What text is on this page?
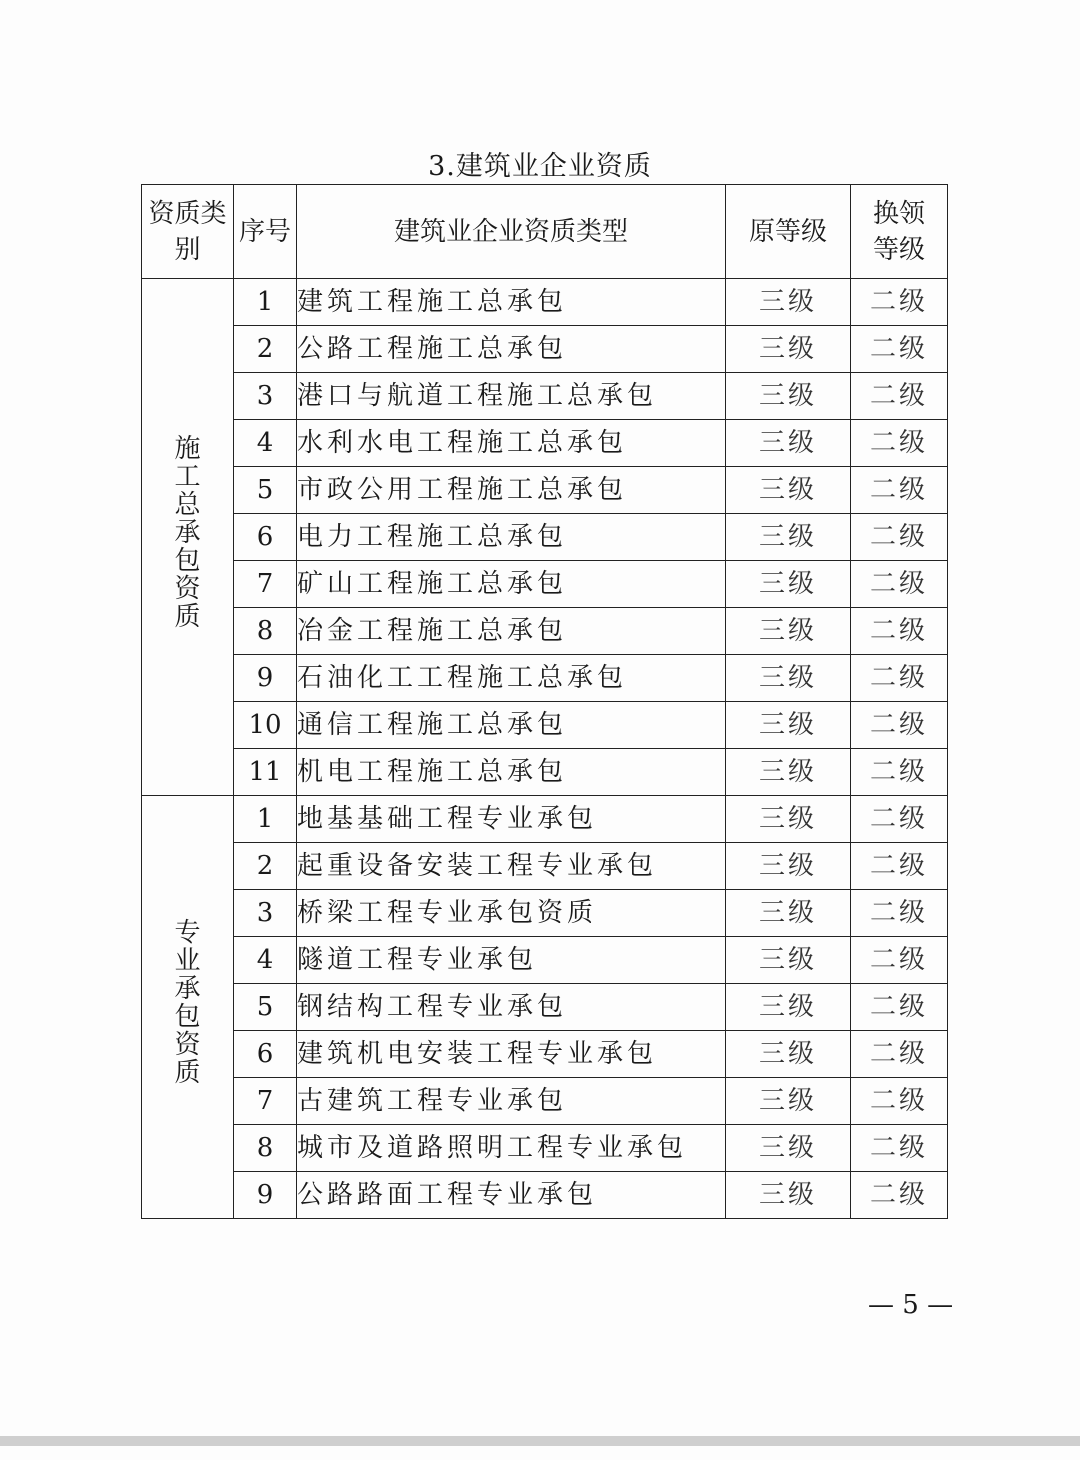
3.建筑业企业资质
资质类别	序号	建筑业企业资质类型	原等级	换领等级
施工总承包资质	1	建筑工程施工总承包	三级	二级
	2	公路工程施工总承包	三级	二级
	3	港口与航道工程施工总承包	三级	二级
	4	水利水电工程施工总承包	三级	二级
	5	市政公用工程施工总承包	三级	二级
	6	电力工程施工总承包	三级	二级
	7	矿山工程施工总承包	三级	二级
	8	冶金工程施工总承包	三级	二级
	9	石油化工工程施工总承包	三级	二级
	10	通信工程施工总承包	三级	二级
	11	机电工程施工总承包	三级	二级
专业承包资质	1	地基基础工程专业承包	三级	二级
	2	起重设备安装工程专业承包	三级	二级
	3	桥梁工程专业承包资质	三级	二级
	4	隧道工程专业承包	三级	二级
	5	钢结构工程专业承包	三级	二级
	6	建筑机电安装工程专业承包	三级	二级
	7	古建筑工程专业承包	三级	二级
	8	城市及道路照明工程专业承包	三级	二级
	9	公路路面工程专业承包	三级	二级
— 5 —
